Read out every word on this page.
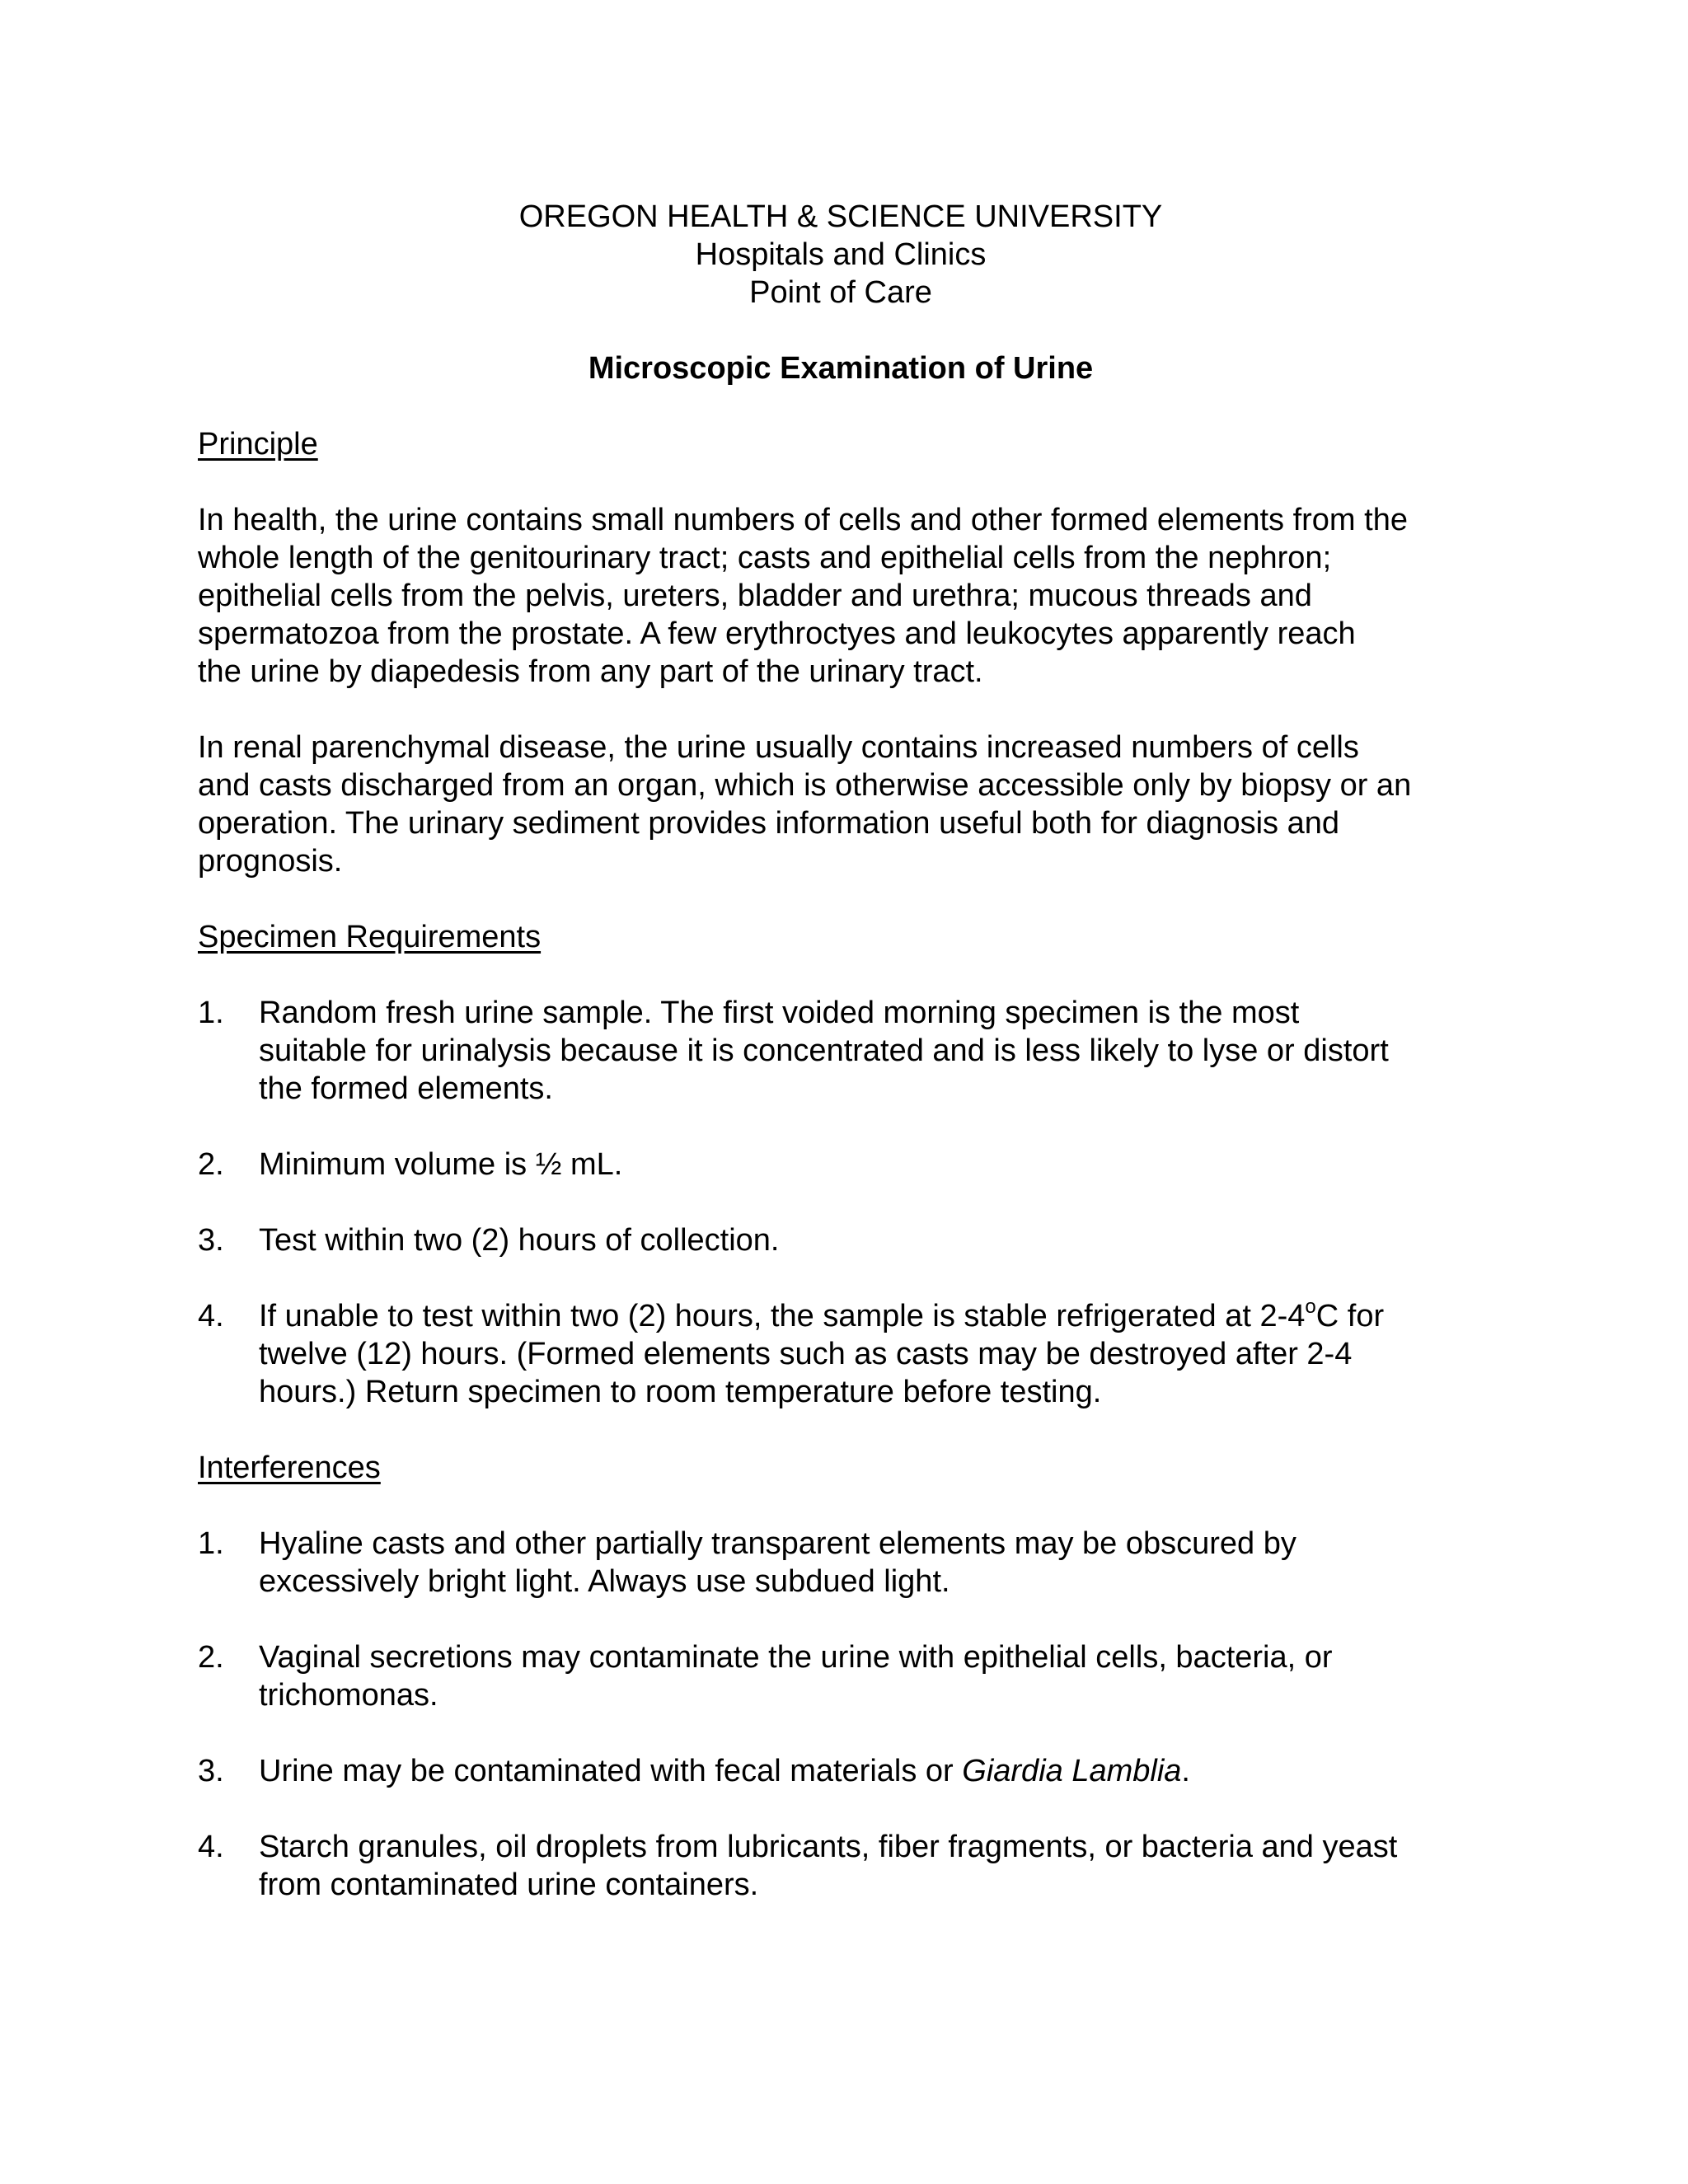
OREGON HEALTH & SCIENCE UNIVERSITY
Hospitals and Clinics
Point of Care
Microscopic Examination of Urine
Principle
In health, the urine contains small numbers of cells and other formed elements from the
whole length of the genitourinary tract; casts and epithelial cells from the nephron;
epithelial cells from the pelvis, ureters, bladder and urethra; mucous threads and
spermatozoa from the prostate. A few erythroctyes and leukocytes apparently reach
the urine by diapedesis from any part of the urinary tract.
In renal parenchymal disease, the urine usually contains increased numbers of cells
and casts discharged from an organ, which is otherwise accessible only by biopsy or an
operation. The urinary sediment provides information useful both for diagnosis and
prognosis.
Specimen Requirements
1.	Random fresh urine sample. The first voided morning specimen is the most
suitable for urinalysis because it is concentrated and is less likely to lyse or distort
the formed elements.
2.	Minimum volume is ½ mL.
3.	Test within two (2) hours of collection.
4.	If unable to test within two (2) hours, the sample is stable refrigerated at 2-4$^o$C for
twelve (12) hours. (Formed elements such as casts may be destroyed after 2-4
hours.) Return specimen to room temperature before testing.
Interferences
1.	Hyaline casts and other partially transparent elements may be obscured by
excessively bright light. Always use subdued light.
2.	Vaginal secretions may contaminate the urine with epithelial cells, bacteria, or
trichomonas.
3.	Urine may be contaminated with fecal materials or Giardia Lamblia.
4.	Starch granules, oil droplets from lubricants, fiber fragments, or bacteria and yeast
from contaminated urine containers.
